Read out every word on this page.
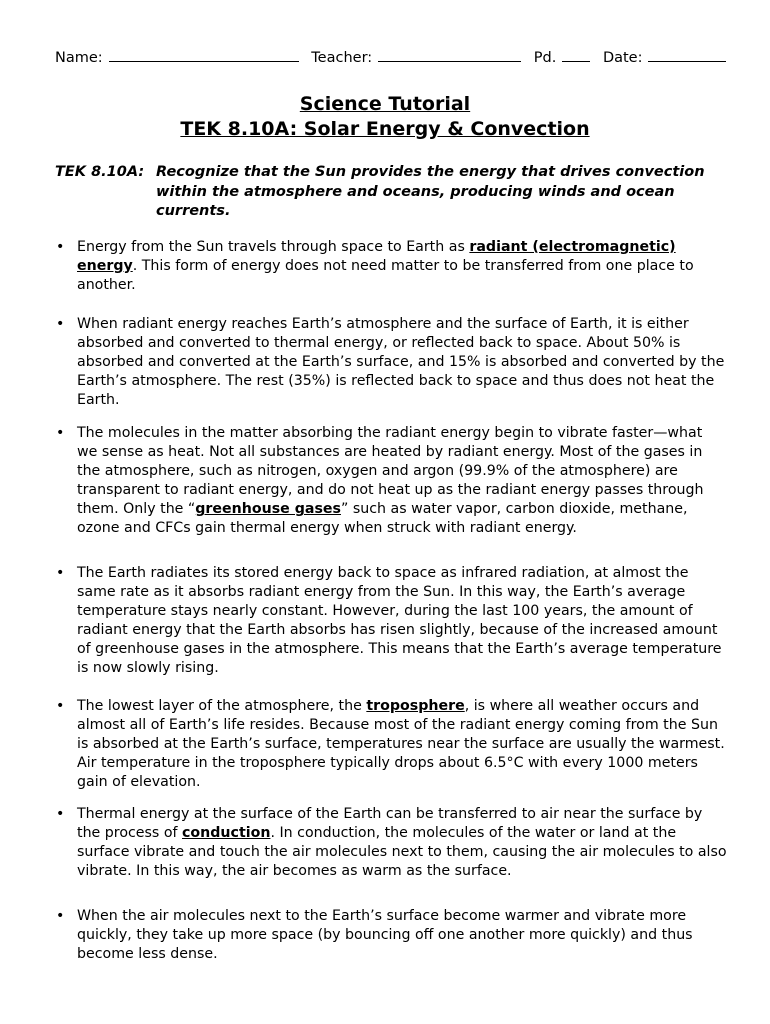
Name:	Teacher:	Pd.	Date:
Science Tutorial
TEK 8.10A: Solar Energy & Convection
TEK 8.10A: Recognize that the Sun provides the energy that drives convection within the atmosphere and oceans, producing winds and ocean currents.
• Energy from the Sun travels through space to Earth as radiant (electromagnetic) energy. This form of energy does not need matter to be transferred from one place to another.
• When radiant energy reaches Earth’s atmosphere and the surface of Earth, it is either absorbed and converted to thermal energy, or reflected back to space. About 50% is absorbed and converted at the Earth’s surface, and 15% is absorbed and converted by the Earth’s atmosphere. The rest (35%) is reflected back to space and thus does not heat the Earth.
• The molecules in the matter absorbing the radiant energy begin to vibrate faster—what we sense as heat. Not all substances are heated by radiant energy. Most of the gases in the atmosphere, such as nitrogen, oxygen and argon (99.9% of the atmosphere) are transparent to radiant energy, and do not heat up as the radiant energy passes through them. Only the “greenhouse gases” such as water vapor, carbon dioxide, methane, ozone and CFCs gain thermal energy when struck with radiant energy.
• The Earth radiates its stored energy back to space as infrared radiation, at almost the same rate as it absorbs radiant energy from the Sun. In this way, the Earth’s average temperature stays nearly constant. However, during the last 100 years, the amount of radiant energy that the Earth absorbs has risen slightly, because of the increased amount of greenhouse gases in the atmosphere. This means that the Earth’s average temperature is now slowly rising.
• The lowest layer of the atmosphere, the troposphere, is where all weather occurs and almost all of Earth’s life resides. Because most of the radiant energy coming from the Sun is absorbed at the Earth’s surface, temperatures near the surface are usually the warmest. Air temperature in the troposphere typically drops about 6.5°C with every 1000 meters gain of elevation.
• Thermal energy at the surface of the Earth can be transferred to air near the surface by the process of conduction. In conduction, the molecules of the water or land at the surface vibrate and touch the air molecules next to them, causing the air molecules to also vibrate. In this way, the air becomes as warm as the surface.
• When the air molecules next to the Earth’s surface become warmer and vibrate more quickly, they take up more space (by bouncing off one another more quickly) and thus become less dense.
